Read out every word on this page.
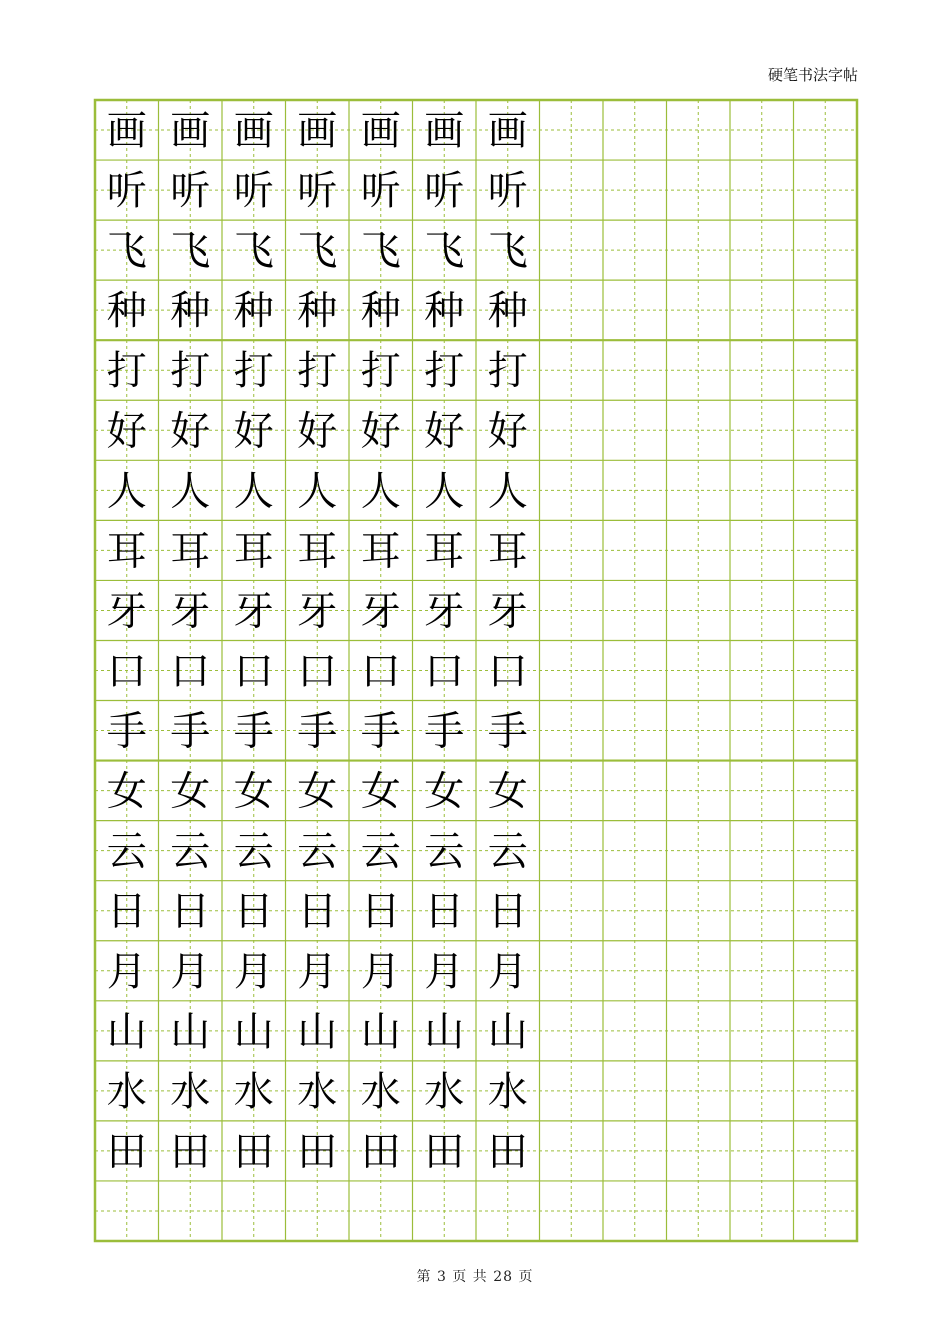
硬笔书法字帖
画 画 画 画 画 画 画
听 听 听 听 听 听 听
飞 飞 飞 飞 飞 飞 飞
种 种 种 种 种 种 种
打 打 打 打 打 打 打
好 好 好 好 好 好 好
人 人 人 人 人 人 人
耳 耳 耳 耳 耳 耳 耳
牙 牙 牙 牙 牙 牙 牙
口 口 口 口 口 口 口
手 手 手 手 手 手 手
女 女 女 女 女 女 女
云 云 云 云 云 云 云
日 日 日 日 日 日 日
月 月 月 月 月 月 月
山 山 山 山 山 山 山
水 水 水 水 水 水 水
田 田 田 田 田 田 田
第 3 页 共 28 页
